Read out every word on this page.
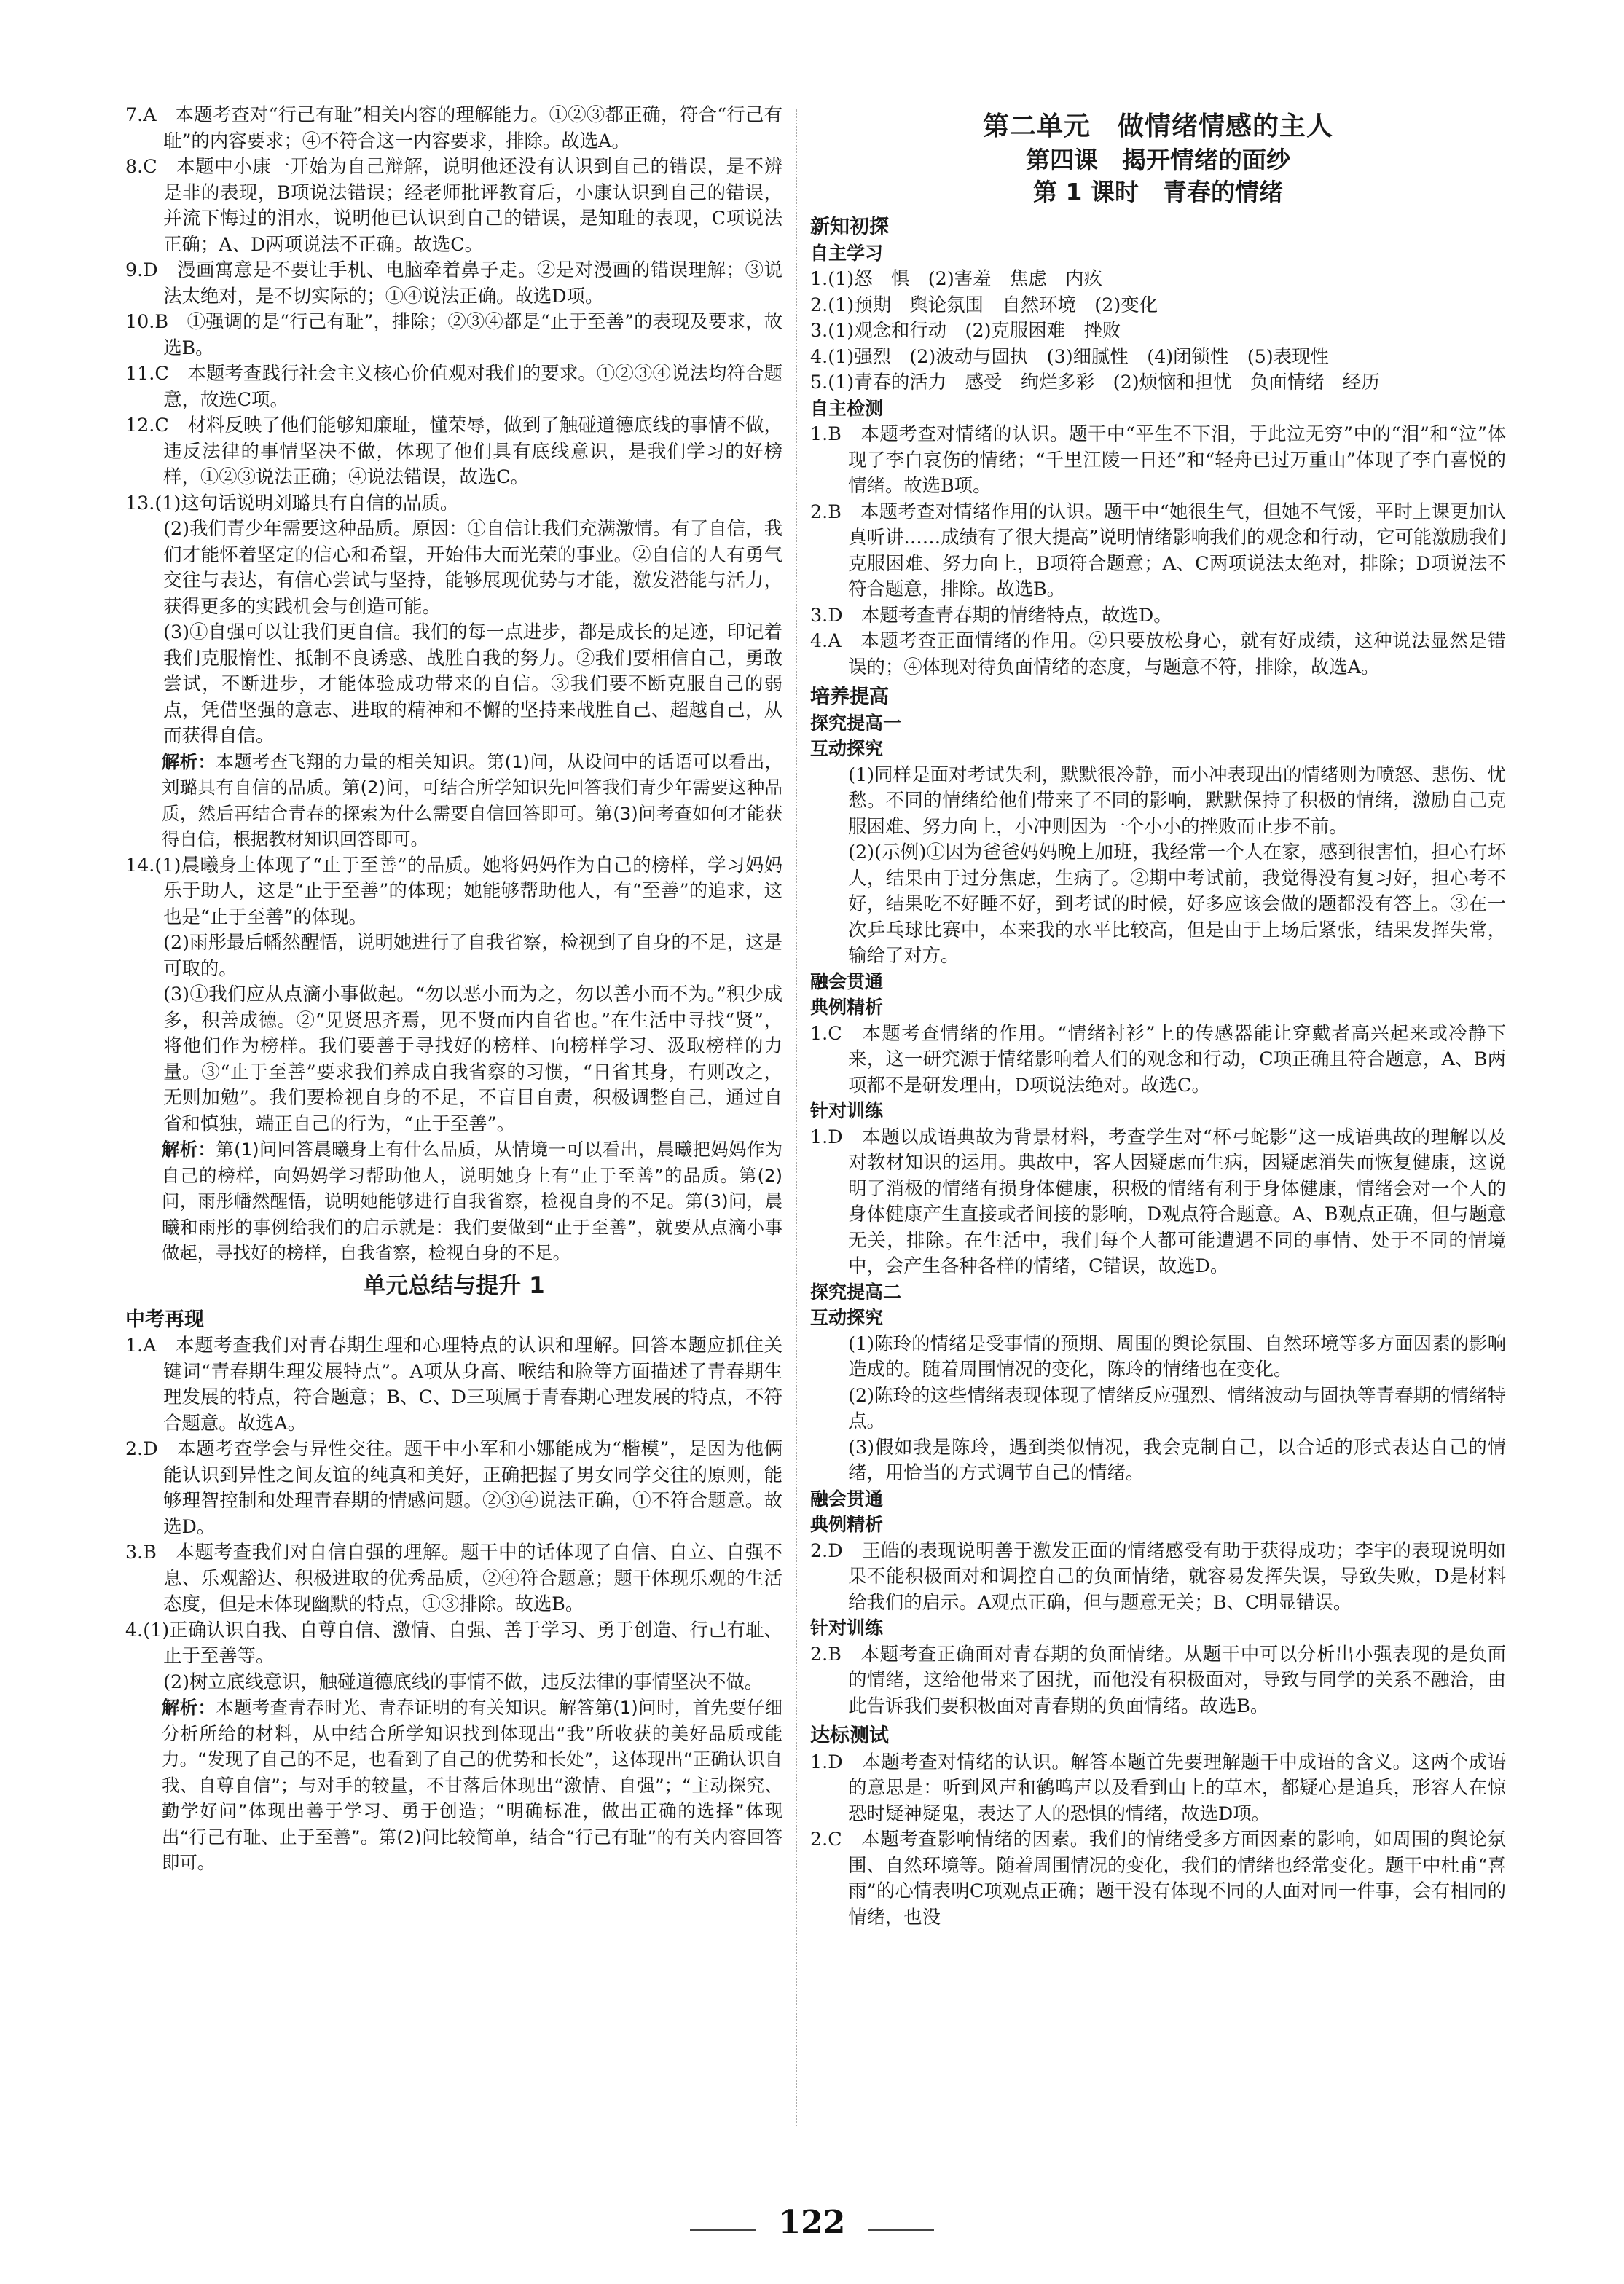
7.A　本题考查对“行己有耻”相关内容的理解能力。①②③都正确，符合“行己有耻”的内容要求；④不符合这一内容要求，排除。故选A。

8.C　本题中小康一开始为自己辩解，说明他还没有认识到自己的错误，是不辨是非的表现，B项说法错误；经老师批评教育后，小康认识到自己的错误，并流下悔过的泪水，说明他已认识到自己的错误，是知耻的表现，C项说法正确；A、D两项说法不正确。故选C。

9.D　漫画寓意是不要让手机、电脑牵着鼻子走。②是对漫画的错误理解；③说法太绝对，是不切实际的；①④说法正确。故选D项。

10.B　①强调的是“行己有耻”，排除；②③④都是“止于至善”的表现及要求，故选B。

11.C　本题考查践行社会主义核心价值观对我们的要求。①②③④说法均符合题意，故选C项。

12.C　材料反映了他们能够知廉耻，懂荣辱，做到了触碰道德底线的事情不做，违反法律的事情坚决不做，体现了他们具有底线意识，是我们学习的好榜样，①②③说法正确；④说法错误，故选C。

13.(1)这句话说明刘璐具有自信的品质。

(2)我们青少年需要这种品质。原因：①自信让我们充满激情。有了自信，我们才能怀着坚定的信心和希望，开始伟大而光荣的事业。②自信的人有勇气交往与表达，有信心尝试与坚持，能够展现优势与才能，激发潜能与活力，获得更多的实践机会与创造可能。

(3)①自强可以让我们更自信。我们的每一点进步，都是成长的足迹，印记着我们克服惰性、抵制不良诱惑、战胜自我的努力。②我们要相信自己，勇敢尝试，不断进步，才能体验成功带来的自信。③我们要不断克服自己的弱点，凭借坚强的意志、进取的精神和不懈的坚持来战胜自己、超越自己，从而获得自信。

解析：本题考查飞翔的力量的相关知识。第(1)问，从设问中的话语可以看出，刘璐具有自信的品质。第(2)问，可结合所学知识先回答我们青少年需要这种品质，然后再结合青春的探索为什么需要自信回答即可。第(3)问考查如何才能获得自信，根据教材知识回答即可。

14.(1)晨曦身上体现了“止于至善”的品质。她将妈妈作为自己的榜样，学习妈妈乐于助人，这是“止于至善”的体现；她能够帮助他人，有“至善”的追求，这也是“止于至善”的体现。

(2)雨彤最后幡然醒悟，说明她进行了自我省察，检视到了自身的不足，这是可取的。

(3)①我们应从点滴小事做起。“勿以恶小而为之，勿以善小而不为。”积少成多，积善成德。②“见贤思齐焉，见不贤而内自省也。”在生活中寻找“贤”，将他们作为榜样。我们要善于寻找好的榜样、向榜样学习、汲取榜样的力量。③“止于至善”要求我们养成自我省察的习惯，“日省其身，有则改之，无则加勉”。我们要检视自身的不足，不盲目自责，积极调整自己，通过自省和慎独，端正自己的行为，“止于至善”。

解析：第(1)问回答晨曦身上有什么品质，从情境一可以看出，晨曦把妈妈作为自己的榜样，向妈妈学习帮助他人，说明她身上有“止于至善”的品质。第(2)问，雨彤幡然醒悟，说明她能够进行自我省察，检视自身的不足。第(3)问，晨曦和雨彤的事例给我们的启示就是：我们要做到“止于至善”，就要从点滴小事做起，寻找好的榜样，自我省察，检视自身的不足。

单元总结与提升 1

中考再现

1.A　本题考查我们对青春期生理和心理特点的认识和理解。回答本题应抓住关键词“青春期生理发展特点”。A项从身高、喉结和脸等方面描述了青春期生理发展的特点，符合题意；B、C、D三项属于青春期心理发展的特点，不符合题意。故选A。

2.D　本题考查学会与异性交往。题干中小军和小娜能成为“楷模”，是因为他俩能认识到异性之间友谊的纯真和美好，正确把握了男女同学交往的原则，能够理智控制和处理青春期的情感问题。②③④说法正确，①不符合题意。故选D。

3.B　本题考查我们对自信自强的理解。题干中的话体现了自信、自立、自强不息、乐观豁达、积极进取的优秀品质，②④符合题意；题干体现乐观的生活态度，但是未体现幽默的特点，①③排除。故选B。

4.(1)正确认识自我、自尊自信、激情、自强、善于学习、勇于创造、行己有耻、止于至善等。

(2)树立底线意识，触碰道德底线的事情不做，违反法律的事情坚决不做。

解析：本题考查青春时光、青春证明的有关知识。解答第(1)问时，首先要仔细分析所给的材料，从中结合所学知识找到体现出“我”所收获的美好品质或能力。“发现了自己的不足，也看到了自己的优势和长处”，这体现出“正确认识自我、自尊自信”；与对手的较量，不甘落后体现出“激情、自强”；“主动探究、勤学好问”体现出善于学习、勇于创造；“明确标准，做出正确的选择”体现出“行己有耻、止于至善”。第(2)问比较简单，结合“行己有耻”的有关内容回答即可。

第二单元　做情绪情感的主人

第四课　揭开情绪的面纱

第 1 课时　青春的情绪

新知初探

自主学习

1.(1)怒　惧　(2)害羞　焦虑　内疚

2.(1)预期　舆论氛围　自然环境　(2)变化

3.(1)观念和行动　(2)克服困难　挫败

4.(1)强烈　(2)波动与固执　(3)细腻性　(4)闭锁性　(5)表现性

5.(1)青春的活力　感受　绚烂多彩　(2)烦恼和担忧　负面情绪　经历

自主检测

1.B　本题考查对情绪的认识。题干中“平生不下泪，于此泣无穷”中的“泪”和“泣”体现了李白哀伤的情绪；“千里江陵一日还”和“轻舟已过万重山”体现了李白喜悦的情绪。故选B项。

2.B　本题考查对情绪作用的认识。题干中“她很生气，但她不气馁，平时上课更加认真听讲……成绩有了很大提高”说明情绪影响我们的观念和行动，它可能激励我们克服困难、努力向上，B项符合题意；A、C两项说法太绝对，排除；D项说法不符合题意，排除。故选B。

3.D　本题考查青春期的情绪特点，故选D。

4.A　本题考查正面情绪的作用。②只要放松身心，就有好成绩，这种说法显然是错误的；④体现对待负面情绪的态度，与题意不符，排除，故选A。

培养提高

探究提高一

互动探究

(1)同样是面对考试失利，默默很冷静，而小冲表现出的情绪则为喷怒、悲伤、忧愁。不同的情绪给他们带来了不同的影响，默默保持了积极的情绪，激励自己克服困难、努力向上，小冲则因为一个小小的挫败而止步不前。

(2)(示例)①因为爸爸妈妈晚上加班，我经常一个人在家，感到很害怕，担心有坏人，结果由于过分焦虑，生病了。②期中考试前，我觉得没有复习好，担心考不好，结果吃不好睡不好，到考试的时候，好多应该会做的题都没有答上。③在一次乒乓球比赛中，本来我的水平比较高，但是由于上场后紧张，结果发挥失常，输给了对方。

融会贯通

典例精析

1.C　本题考查情绪的作用。“情绪衬衫”上的传感器能让穿戴者高兴起来或冷静下来，这一研究源于情绪影响着人们的观念和行动，C项正确且符合题意，A、B两项都不是研发理由，D项说法绝对。故选C。

针对训练

1.D　本题以成语典故为背景材料，考查学生对“杯弓蛇影”这一成语典故的理解以及对教材知识的运用。典故中，客人因疑虑而生病，因疑虑消失而恢复健康，这说明了消极的情绪有损身体健康，积极的情绪有利于身体健康，情绪会对一个人的身体健康产生直接或者间接的影响，D观点符合题意。A、B观点正确，但与题意无关，排除。在生活中，我们每个人都可能遭遇不同的事情、处于不同的情境中，会产生各种各样的情绪，C错误，故选D。

探究提高二

互动探究

(1)陈玲的情绪是受事情的预期、周围的舆论氛围、自然环境等多方面因素的影响造成的。随着周围情况的变化，陈玲的情绪也在变化。

(2)陈玲的这些情绪表现体现了情绪反应强烈、情绪波动与固执等青春期的情绪特点。

(3)假如我是陈玲，遇到类似情况，我会克制自己，以合适的形式表达自己的情绪，用恰当的方式调节自己的情绪。

融会贯通

典例精析

2.D　王皓的表现说明善于激发正面的情绪感受有助于获得成功；李宇的表现说明如果不能积极面对和调控自己的负面情绪，就容易发挥失误，导致失败，D是材料给我们的启示。A观点正确，但与题意无关；B、C明显错误。

针对训练

2.B　本题考查正确面对青春期的负面情绪。从题干中可以分析出小强表现的是负面的情绪，这给他带来了困扰，而他没有积极面对，导致与同学的关系不融洽，由此告诉我们要积极面对青春期的负面情绪。故选B。

达标测试

1.D　本题考查对情绪的认识。解答本题首先要理解题干中成语的含义。这两个成语的意思是：听到风声和鹤鸣声以及看到山上的草木，都疑心是追兵，形容人在惊恐时疑神疑鬼，表达了人的恐惧的情绪，故选D项。

2.C　本题考查影响情绪的因素。我们的情绪受多方面因素的影响，如周围的舆论氛围、自然环境等。随着周围情况的变化，我们的情绪也经常变化。题干中杜甫“喜雨”的心情表明C项观点正确；题干没有体现不同的人面对同一件事，会有相同的情绪，也没

122
